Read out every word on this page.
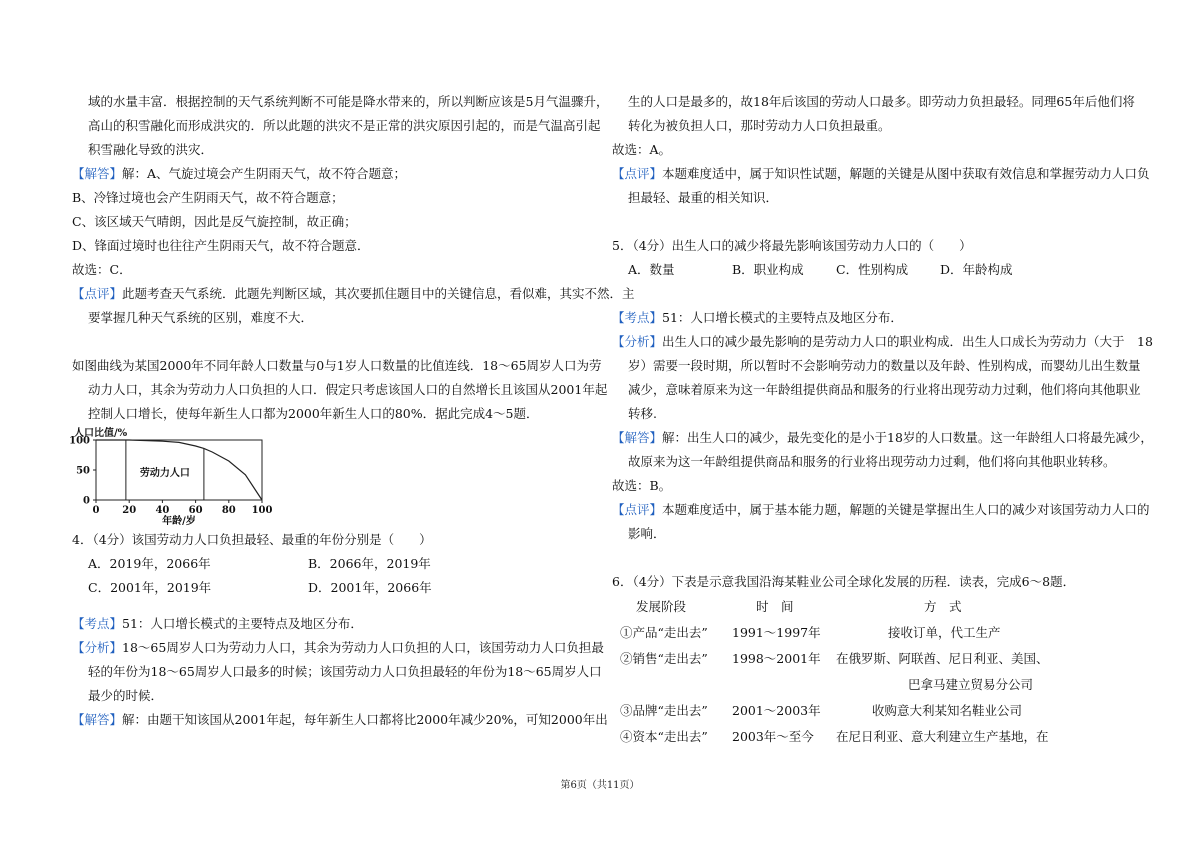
域的水量丰富．根据控制的天气系统判断不可能是降水带来的，所以判断应该是5月气温骤升，
高山的积雪融化而形成洪灾的．所以此题的洪灾不是正常的洪灾原因引起的，而是气温高引起
积雪融化导致的洪灾．
【解答】解：A、气旋过境会产生阴雨天气，故不符合题意；
B、冷锋过境也会产生阴雨天气，故不符合题意；
C、该区域天气晴朗，因此是反气旋控制，故正确；
D、锋面过境时也往往产生阴雨天气，故不符合题意．
故选：C．
【点评】此题考查天气系统．此题先判断区域，其次要抓住题目中的关键信息，看似难，其实不然．主
要掌握几种天气系统的区别，难度不大．
如图曲线为某国2000年不同年龄人口数量与0与1岁人口数量的比值连线．18～65周岁人口为劳
动力人口，其余为劳动力人口负担的人口．假定只考虑该国人口的自然增长且该国从2001年起
控制人口增长，使每年新生人口都为2000年新生人口的80%．据此完成4～5题．
劳动力人口
0
50
100
0 20 40 60 80 100
人口比值/%
年龄/岁
4．（4分）该国劳动力人口负担最轻、最重的年份分别是（　　）
A．2019年，2066年	B．2066年，2019年
C．2001年，2019年	D．2001年，2066年
【考点】51：人口增长模式的主要特点及地区分布．
【分析】18～65周岁人口为劳动力人口，其余为劳动力人口负担的人口，该国劳动力人口负担最
轻的年份为18～65周岁人口最多的时候；该国劳动力人口负担最轻的年份为18～65周岁人口
最少的时候．
【解答】解：由题干知该国从2001年起，每年新生人口都将比2000年减少20%，可知2000年出
生的人口是最多的，故18年后该国的劳动人口最多。即劳动力负担最轻。同理65年后他们将
转化为被负担人口，那时劳动力人口负担最重。
故选：A。
【点评】本题难度适中，属于知识性试题，解题的关键是从图中获取有效信息和掌握劳动力人口负
担最轻、最重的相关知识．
5．（4分）出生人口的减少将最先影响该国劳动力人口的（　　）
A．数量	B．职业构成	C．性别构成	D．年龄构成
【考点】51：人口增长模式的主要特点及地区分布．
【分析】出生人口的减少最先影响的是劳动力人口的职业构成．出生人口成长为劳动力（大于　18
岁）需要一段时期，所以暂时不会影响劳动力的数量以及年龄、性别构成，而婴幼儿出生数量
减少，意味着原来为这一年龄组提供商品和服务的行业将出现劳动力过剩，他们将向其他职业
转移.
【解答】解：出生人口的减少，最先变化的是小于18岁的人口数量。这一年龄组人口将最先减少，
故原来为这一年龄组提供商品和服务的行业将出现劳动力过剩，他们将向其他职业转移。
故选：B。
【点评】本题难度适中，属于基本能力题，解题的关键是掌握出生人口的减少对该国劳动力人口的
影响．
6．（4分）下表是示意我国沿海某鞋业公司全球化发展的历程．读表，完成6～8题．
发展阶段	时　间	方　式
①产品“走出去”	1991～1997年	接收订单，代工生产
②销售“走出去”	1998～2001年	在俄罗斯、阿联酋、尼日利亚、美国、
巴拿马建立贸易分公司
③品牌“走出去”	2001～2003年	收购意大利某知名鞋业公司
④资本“走出去”	2003年～至今	在尼日利亚、意大利建立生产基地，在
第6页（共11页）
